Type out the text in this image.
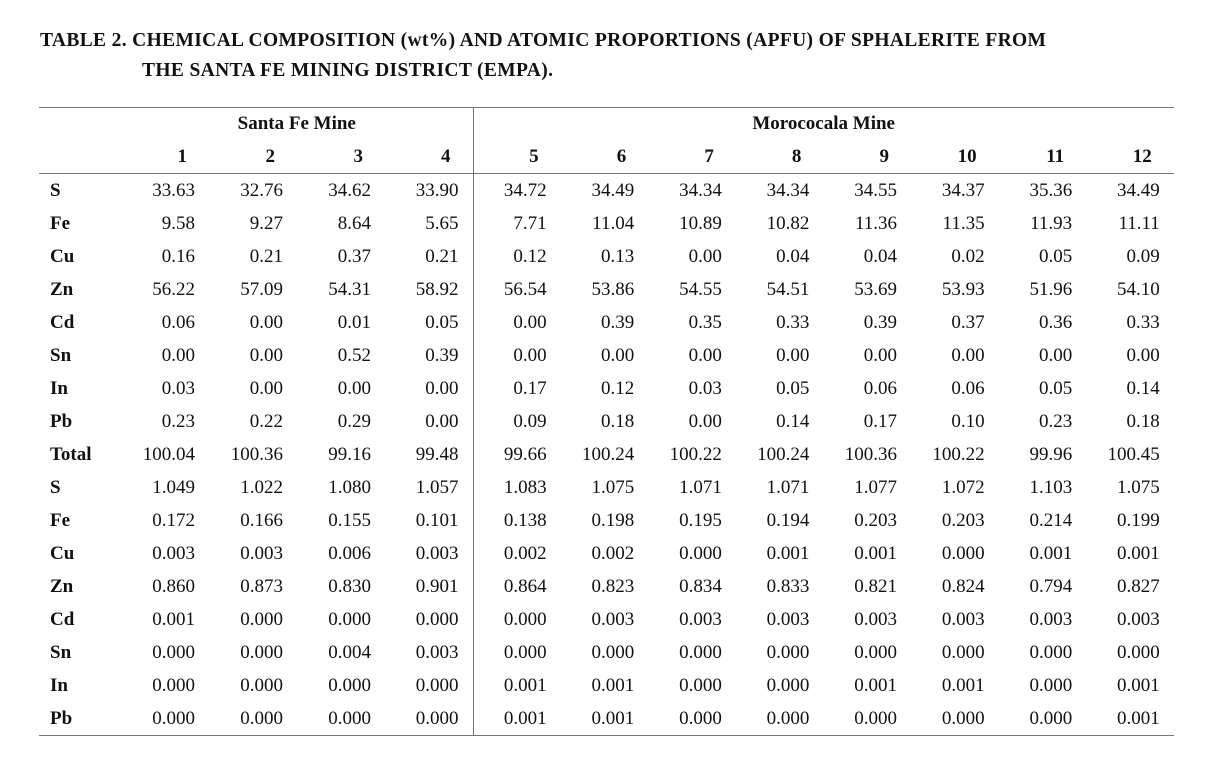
TABLE 2. CHEMICAL COMPOSITION (wt%) AND ATOMIC PROPORTIONS (APFU) OF SPHALERITE FROM
THE SANTA FE MINING DISTRICT (EMPA).
	Santa Fe Mine				Morococala Mine							
	1	2	3	4	5	6	7	8	9	10	11	12
S	33.63	32.76	34.62	33.90	34.72	34.49	34.34	34.34	34.55	34.37	35.36	34.49
Fe	9.58	9.27	8.64	5.65	7.71	11.04	10.89	10.82	11.36	11.35	11.93	11.11
Cu	0.16	0.21	0.37	0.21	0.12	0.13	0.00	0.04	0.04	0.02	0.05	0.09
Zn	56.22	57.09	54.31	58.92	56.54	53.86	54.55	54.51	53.69	53.93	51.96	54.10
Cd	0.06	0.00	0.01	0.05	0.00	0.39	0.35	0.33	0.39	0.37	0.36	0.33
Sn	0.00	0.00	0.52	0.39	0.00	0.00	0.00	0.00	0.00	0.00	0.00	0.00
In	0.03	0.00	0.00	0.00	0.17	0.12	0.03	0.05	0.06	0.06	0.05	0.14
Pb	0.23	0.22	0.29	0.00	0.09	0.18	0.00	0.14	0.17	0.10	0.23	0.18
Total	100.04	100.36	99.16	99.48	99.66	100.24	100.22	100.24	100.36	100.22	99.96	100.45
S	1.049	1.022	1.080	1.057	1.083	1.075	1.071	1.071	1.077	1.072	1.103	1.075
Fe	0.172	0.166	0.155	0.101	0.138	0.198	0.195	0.194	0.203	0.203	0.214	0.199
Cu	0.003	0.003	0.006	0.003	0.002	0.002	0.000	0.001	0.001	0.000	0.001	0.001
Zn	0.860	0.873	0.830	0.901	0.864	0.823	0.834	0.833	0.821	0.824	0.794	0.827
Cd	0.001	0.000	0.000	0.000	0.000	0.003	0.003	0.003	0.003	0.003	0.003	0.003
Sn	0.000	0.000	0.004	0.003	0.000	0.000	0.000	0.000	0.000	0.000	0.000	0.000
In	0.000	0.000	0.000	0.000	0.001	0.001	0.000	0.000	0.001	0.001	0.000	0.001
Pb	0.000	0.000	0.000	0.000	0.001	0.001	0.000	0.000	0.000	0.000	0.000	0.001
